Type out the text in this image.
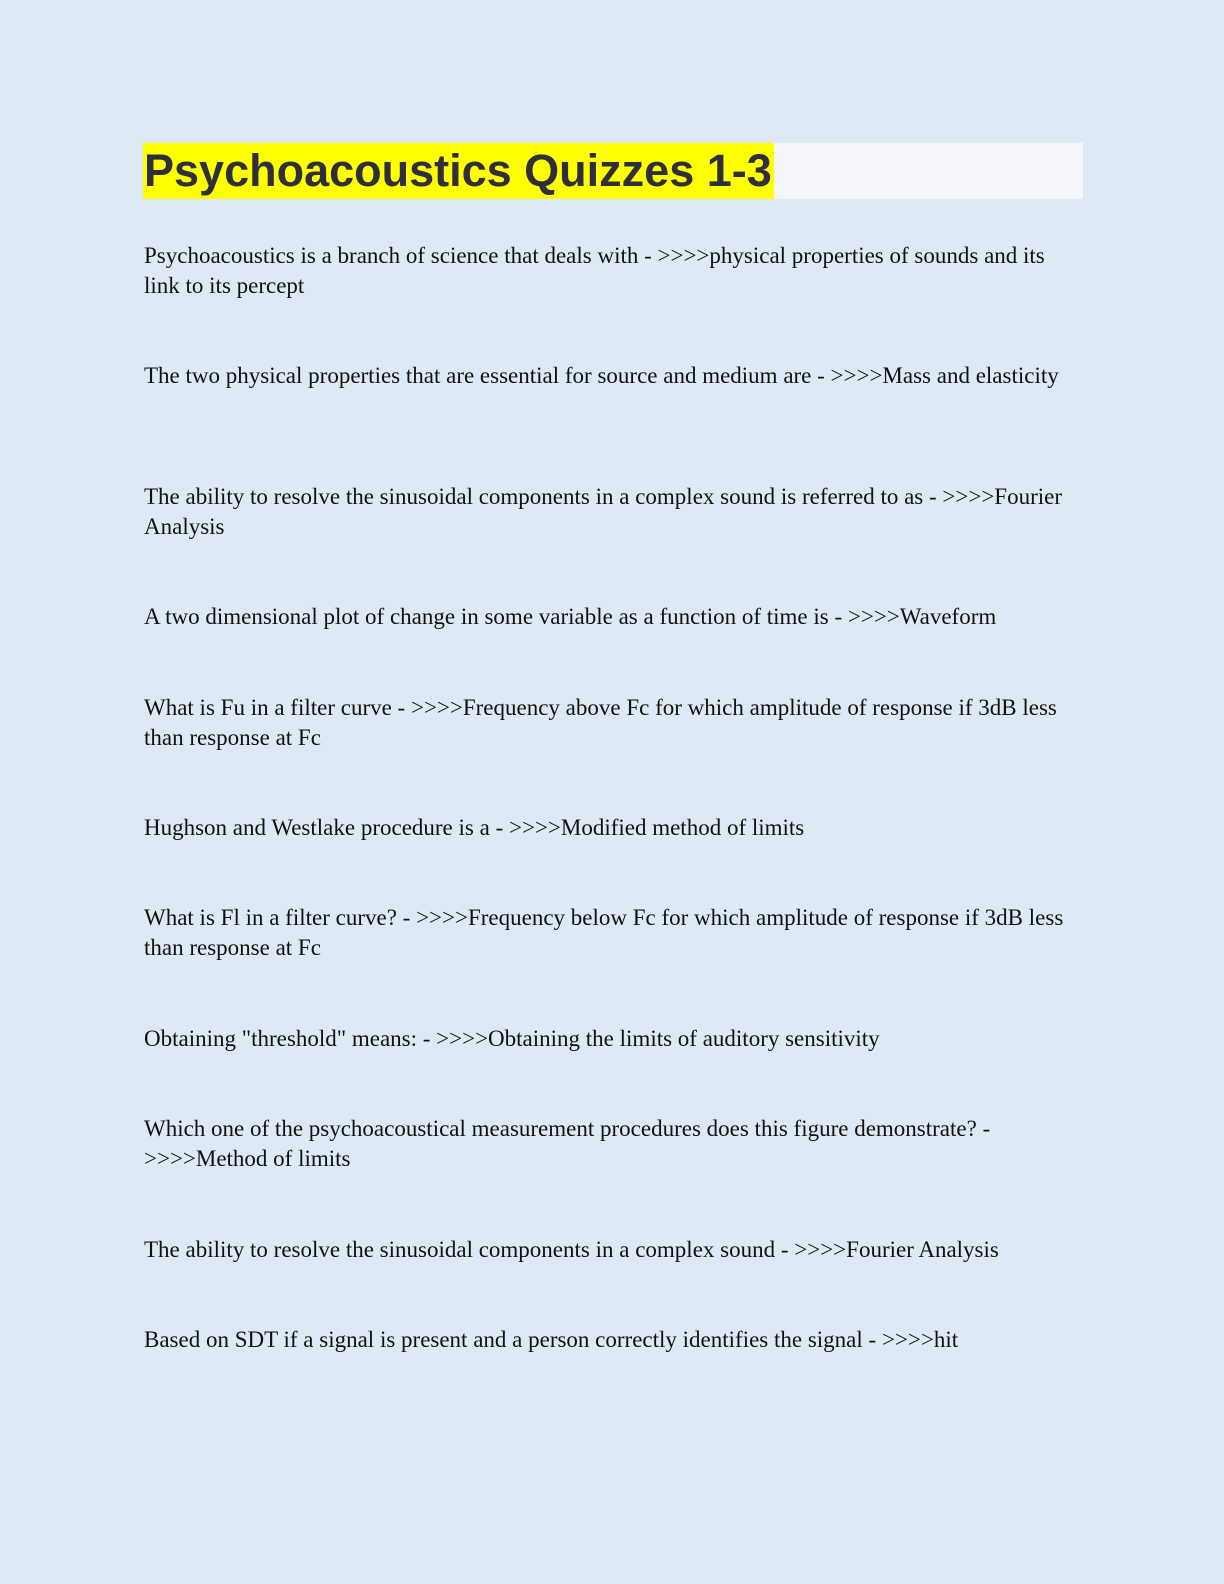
Psychoacoustics Quizzes 1-3

Psychoacoustics is a branch of science that deals with - >>>>physical properties of sounds and its link to its percept

The two physical properties that are essential for source and medium are - >>>>Mass and elasticity

The ability to resolve the sinusoidal components in a complex sound is referred to as - >>>>Fourier Analysis

A two dimensional plot of change in some variable as a function of time is - >>>>Waveform

What is Fu in a filter curve - >>>>Frequency above Fc for which amplitude of response if 3dB less than response at Fc

Hughson and Westlake procedure is a - >>>>Modified method of limits

What is Fl in a filter curve? - >>>>Frequency below Fc for which amplitude of response if 3dB less than response at Fc

Obtaining "threshold" means: - >>>>Obtaining the limits of auditory sensitivity

Which one of the psychoacoustical measurement procedures does this figure demonstrate? - >>>>Method of limits

The ability to resolve the sinusoidal components in a complex sound - >>>>Fourier Analysis

Based on SDT if a signal is present and a person correctly identifies the signal - >>>>hit
